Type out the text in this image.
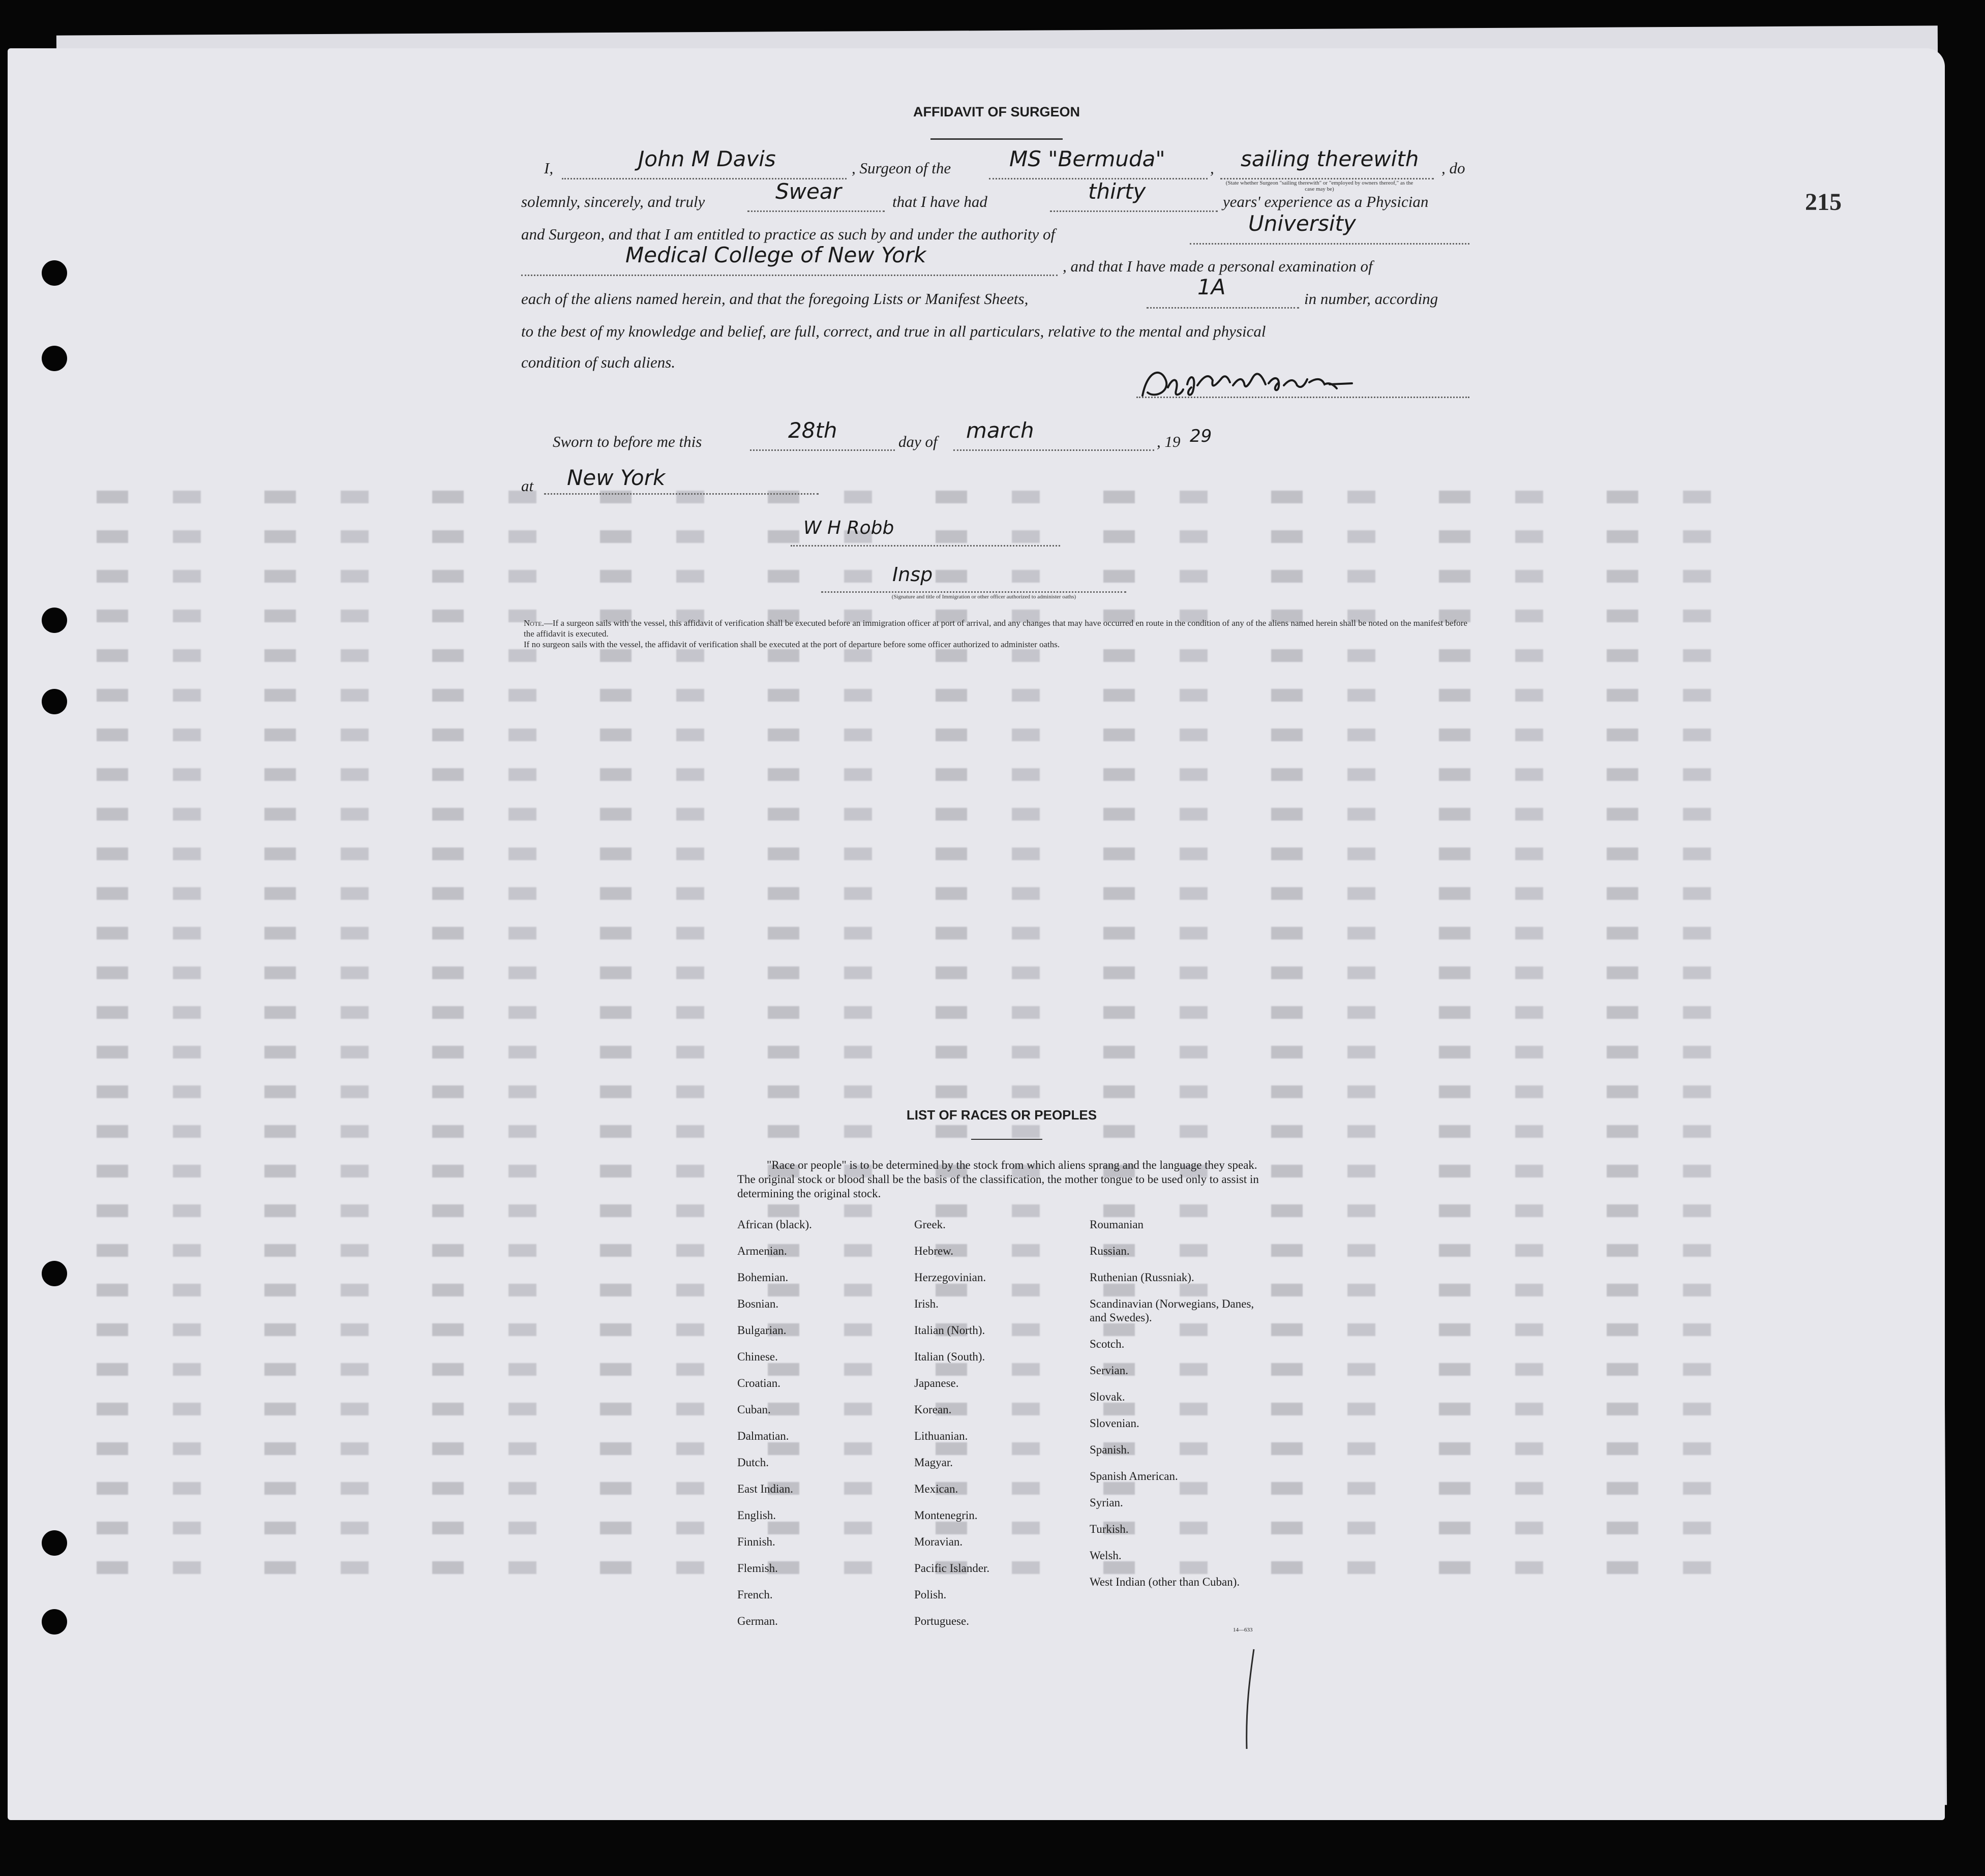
215
AFFIDAVIT OF SURGEON
I,	John M Davis	, Surgeon of the	MS "Bermuda"	, sailing therewith , do
(State whether Surgeon "sailing therewith" or "employed by owners thereof," as the case may be)
solemnly, sincerely, and truly	Swear	that I have had	thirty	years' experience as a Physician
and Surgeon, and that I am entitled to practice as such by and under the authority of	University
Medical College of New York	, and that I have made a personal examination of
each of the aliens named herein, and that the foregoing Lists or Manifest Sheets,	1A	in number, according
to the best of my knowledge and belief, are full, correct, and true in all particulars, relative to the mental and physical
condition of such aliens.
Sworn to before me this	28th	day of march	, 19 29
at New York
W H Robb
Insp
(Signature and title of Immigration or other officer authorized to administer oaths)
Note.—If a surgeon sails with the vessel, this affidavit of verification shall be executed before an immigration officer at port of arrival, and any changes that may have occurred en route in the condition of any of the aliens named herein shall be noted on the manifest before the affidavit is executed.
If no surgeon sails with the vessel, the affidavit of verification shall be executed at the port of departure before some officer authorized to administer oaths.
LIST OF RACES OR PEOPLES

"Race or people" is to be determined by the stock from which aliens sprang and the language they speak. The original stock or blood shall be the basis of the classification, the mother tongue to be used only to assist in determining the original stock.

African (black).
Armenian.
Bohemian.
Bosnian.
Bulgarian.
Chinese.
Croatian.
Cuban.
Dalmatian.
Dutch.
East Indian.
English.
Finnish.
Flemish.
French.
German.
Greek.
Hebrew.
Herzegovinian.
Irish.
Italian (North).
Italian (South).
Japanese.
Korean.
Lithuanian.
Magyar.
Mexican.
Montenegrin.
Moravian.
Pacific Islander.
Polish.
Portuguese.
Roumanian
Russian.
Ruthenian (Russniak).
Scandinavian (Norwegians, Danes, and Swedes).
Scotch.
Servian.
Slovak.
Slovenian.
Spanish.
Spanish American.
Syrian.
Turkish.
Welsh.
West Indian (other than Cuban).
14—633
